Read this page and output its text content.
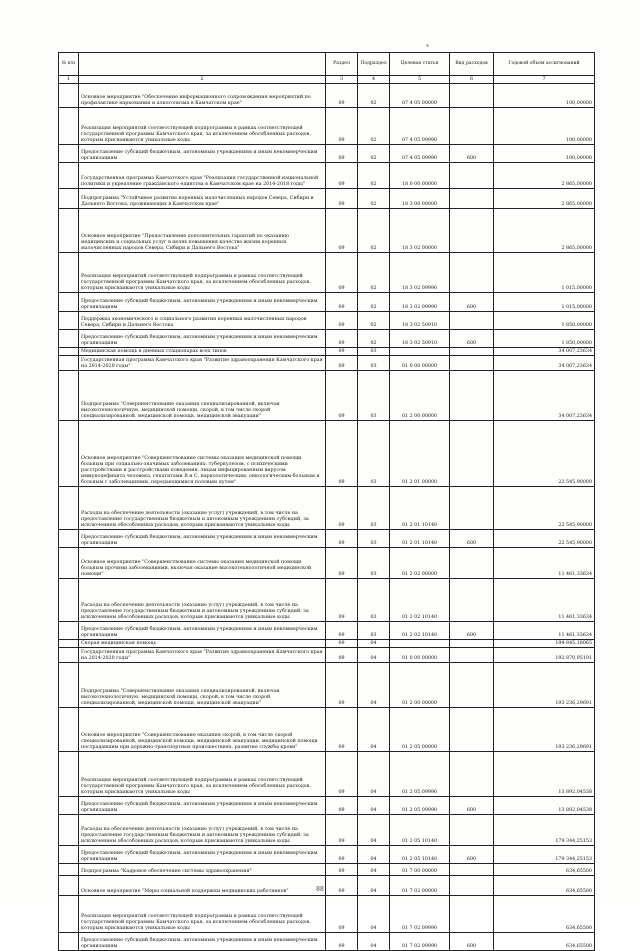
*
№ п/п		Раздел	Подраздел	Целевая статья	Вид расходов	Годовой объем ассигнований
1	2	3	4	5	6	7
	Основное мероприятие "Обеспечение информационного сопровождения мероприятий по профилактике наркомании и алкоголизма в Камчатском крае"	09	02	07 4 05 00000		100,00000
	Реализация мероприятий соответствующей подпрограммы в рамках соответствующей государственной программы Камчатского края, за исключением обособленных расходов, которым присваиваются уникальные коды	09	02	07 4 05 09990		100,00000
	Предоставление субсидий бюджетным, автономным учреждениям и иным некоммерческим организациям	09	02	07 4 05 09990	600	100,00000
	Государственная программа Камчатского края "Реализация государственной национальной политики и укрепление гражданского единства в Камчатском крае на 2014-2018 годы"	09	02	18 0 00 00000		2 865,00000
	Подпрограмма "Устойчивое развитие коренных малочисленных народов Севера, Сибири и Дальнего Востока, проживающих в Камчатском крае"	09	02	18 3 00 00000		2 865,00000
	Основное мероприятие "Предоставление дополнительных гарантий по оказанию медицинских и социальных услуг в целях повышения качества жизни коренных малочисленных народов Севера, Сибири и Дальнего Востока"	09	02	18 3 02 00000		2 865,00000
	Реализация мероприятий соответствующей подпрограммы в рамках соответствующей государственной программы Камчатского края, за исключением обособленных расходов, которым присваиваются уникальные коды	09	02	18 3 02 09990		1 015,00000
	Предоставление субсидий бюджетным, автономным учреждениям и иным некоммерческим организациям	09	02	18 3 02 09990	600	1 015,00000
	Поддержка экономического и социального развития коренных малочисленных народов Севера, Сибири и Дальнего Востока	09	02	18 3 02 50910		1 850,00000
	Предоставление субсидий бюджетным, автономным учреждениям и иным некоммерческим организациям	09	02	18 3 02 50910	600	1 850,00000
	Медицинская помощь в дневных стационарах всех типов	09	03			34 007,23634
	Государственная программа Камчатского края "Развитие здравоохранения Камчатского края на 2014-2020 годы"	09	03	01 0 00 00000		34 007,23634
	Подпрограмма "Совершенствование оказания специализированной, включая высокотехнологичную, медицинской помощи, скорой, в том числе скорой специализированной, медицинской помощи, медицинской эвакуации"	09	03	01 2 00 00000		34 007,23634
	Основное мероприятие "Совершенствование системы оказания медицинской помощи больным при социально-значимых заболеваниях: туберкулезом, с психическими расстройствами и расстройствами поведения, лицам инфицированным вирусом иммунодефицита человека, гепатитами B и C, наркологическим, онкологическим больным и больным с заболеваниями, передающимися половым путем"	09	03	01 2 01 00000		22 545,90000
	Расходы на обеспечение деятельности (оказание услуг) учреждений, в том числе на предоставление государственным бюджетным и автономным учреждениям субсидий, за исключением обособленных расходов, которым присваиваются уникальные коды	09	03	01 2 01 10140		22 545,90000
	Предоставление субсидий бюджетным, автономным учреждениям и иным некоммерческим организациям	09	03	01 2 01 10140	600	22 545,90000
	Основное мероприятие "Совершенствование системы оказания медицинской помощи больным прочими заболеваниями, включая оказание высокотехнологичной медицинской помощи"	09	03	01 2 02 00000		11 461,33634
	Расходы на обеспечение деятельности (оказание услуг) учреждений, в том числе на предоставление государственным бюджетным и автономным учреждениям субсидий, за исключением обособленных расходов, которым присваиваются уникальные коды	09	03	01 2 02 10140		11 461,33634
	Предоставление субсидий бюджетным, автономным учреждениям и иным некоммерческим организациям	09	03	01 2 02 10140	600	11 461,33634
	Скорая медицинская помощь	09	04			194 845,18065
	Государственная программа Камчатского края "Развитие здравоохранения Камчатского края на 2014-2020 годы"	09	04	01 0 00 00000		192 870,95191
	Подпрограмма "Совершенствование оказания специализированной, включая высокотехнологичную, медицинской помощи, скорой, в том числе скорой специализированной, медицинской помощи, медицинской эвакуации"	09	04	01 2 00 00000		193 236,29691
	Основное мероприятие "Совершенствование оказания скорой, в том числе скорой специализированной, медицинской помощи, медицинской эвакуации, медицинской помощи пострадавшим при дорожно-транспортных происшествиях, развитие службы крови"	09	04	01 2 05 00000		193 236,29691
	Реализация мероприятий соответствующей подпрограммы в рамках соответствующей государственной программы Камчатского края, за исключением обособленных расходов, которым присваиваются уникальные коды	09	04	01 2 05 09990		13 892,04538
	Предоставление субсидий бюджетным, автономным учреждениям и иным некоммерческим организациям	09	04	01 2 05 09990	600	13 892,04538
	Расходы на обеспечение деятельности (оказание услуг) учреждений, в том числе на предоставление государственным бюджетным и автономным учреждениям субсидий, за исключением обособленных расходов, которым присваиваются уникальные коды	09	04	01 2 05 10140		179 344,25153
	Предоставление субсидий бюджетным, автономным учреждениям и иным некоммерческим организациям	09	04	01 2 05 10140	600	179 344,25153
	Подпрограмма "Кадровое обеспечение системы здравоохранения"	09	04	01 7 00 00000		634,65500
	Основное мероприятие "Меры социальной поддержки медицинских работников"	09	04	01 7 02 00000		634,65500
	Реализация мероприятий соответствующей подпрограммы в рамках соответствующей государственной программы Камчатского края, за исключением обособленных расходов, которым присваиваются уникальные коды	09	04	01 7 02 09990		634,65500
	Предоставление субсидий бюджетным, автономным учреждениям и иным некоммерческим организациям	09	04	01 7 02 09990	600	634,65500
88
